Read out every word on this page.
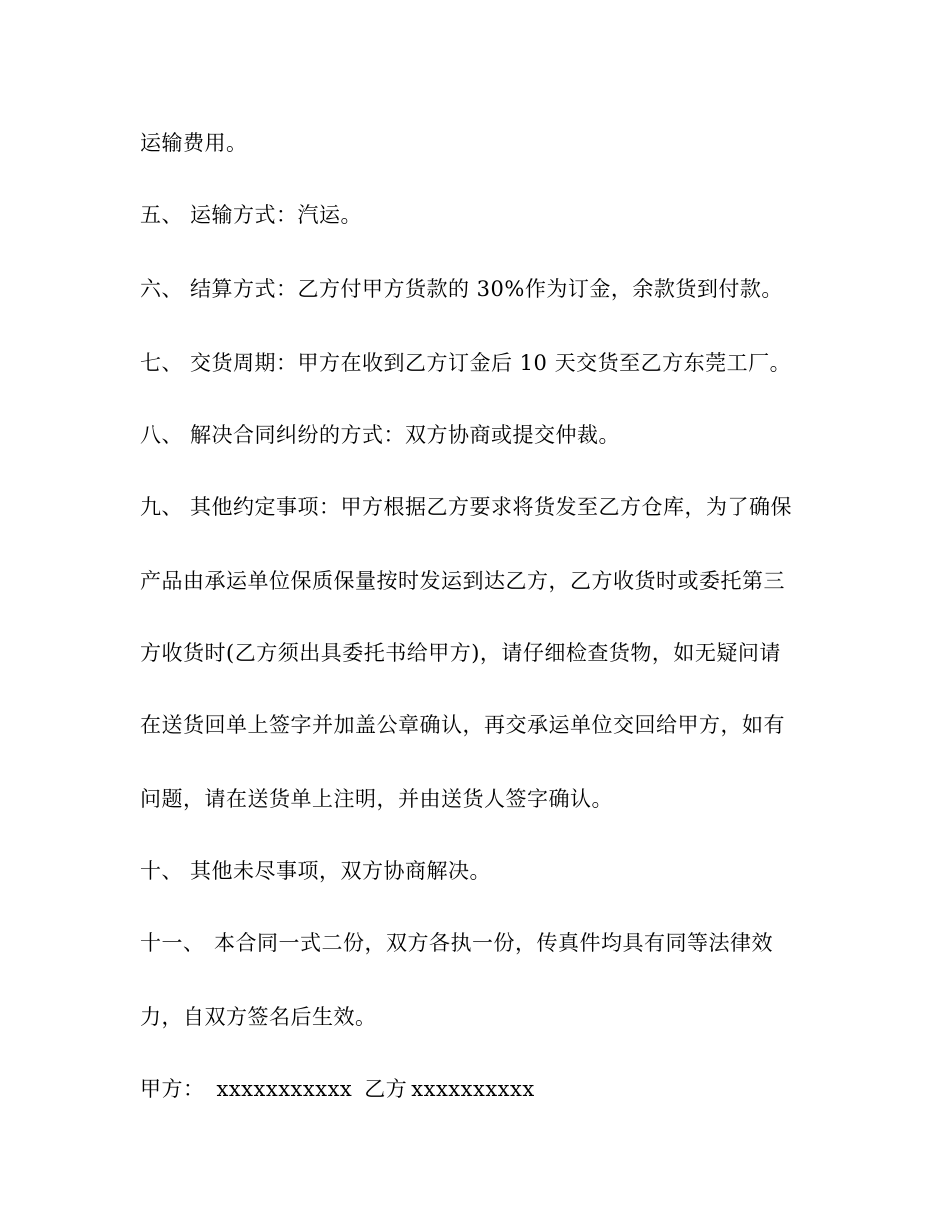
运输费用。
五、 运输方式：汽运。
六、 结算方式：乙方付甲方货款的 30%作为订金，余款货到付款。
七、 交货周期：甲方在收到乙方订金后 10 天交货至乙方东莞工厂。
八、 解决合同纠纷的方式：双方协商或提交仲裁。
九、 其他约定事项：甲方根据乙方要求将货发至乙方仓库，为了确保
产品由承运单位保质保量按时发运到达乙方，乙方收货时或委托第三
方收货时(乙方须出具委托书给甲方)，请仔细检查货物，如无疑问请
在送货回单上签字并加盖公章确认，再交承运单位交回给甲方，如有
问题，请在送货单上注明，并由送货人签字确认。
十、 其他未尽事项，双方协商解决。
十一、 本合同一式二份，双方各执一份，传真件均具有同等法律效
力，自双方签名后生效。
甲方： xxxxxxxxxxx 乙方 xxxxxxxxxx
